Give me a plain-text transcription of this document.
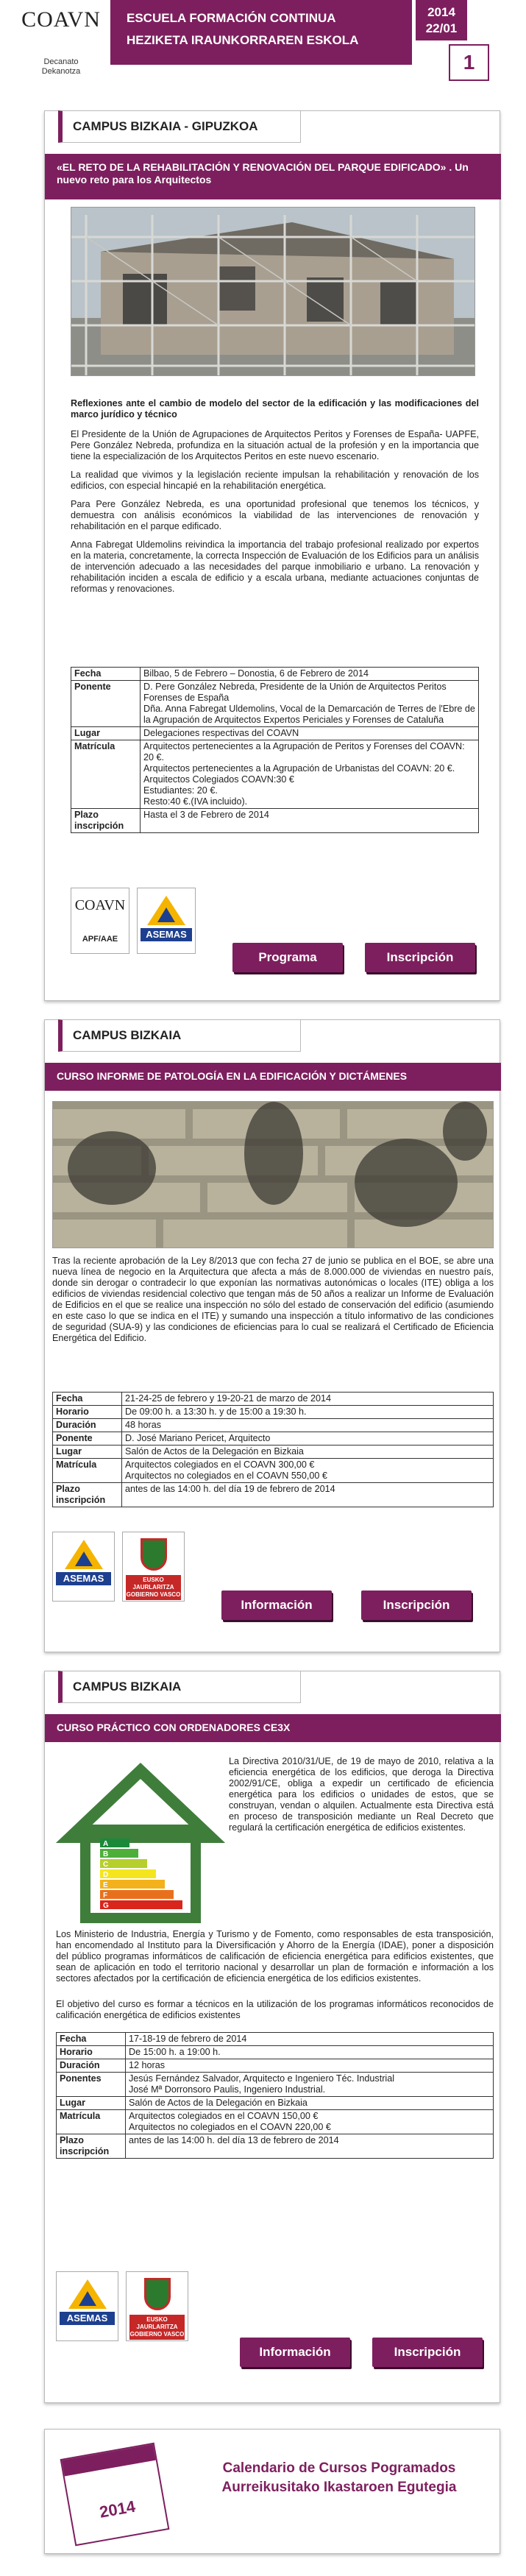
COAVN
Decanato
Dekanotza
ESCUELA FORMACIÓN CONTINUA
HEZIKETA IRAUNKORRAREN ESKOLA
2014
22/01
1
CAMPUS BIZKAIA - GIPUZKOA
«EL RETO DE LA REHABILITACIÓN Y RENOVACIÓN DEL PARQUE EDIFICADO» . Un nuevo reto para los Arquitectos
Reflexiones ante el cambio de modelo del sector de la edificación y las modificaciones del marco jurídico y técnico

El Presidente de la Unión de Agrupaciones de Arquitectos Peritos y Forenses de España- UAPFE, Pere González Nebreda, profundiza en la situación actual de la profesión y en la importancia que tiene la especialización de los Arquitectos Peritos en este nuevo escenario.

La realidad que vivimos y la legislación reciente impulsan la rehabilitación y renovación de los edificios, con especial hincapié en la rehabilitación energética.

Para Pere González Nebreda, es una oportunidad profesional que tenemos los técnicos, y demuestra con análisis económicos la viabilidad de las intervenciones de renovación y rehabilitación en el parque edificado.

Anna Fabregat Uldemolins reivindica la importancia del trabajo profesional realizado por expertos en la materia, concretamente, la correcta Inspección de Evaluación de los Edificios para un análisis de intervención adecuado a las necesidades del parque inmobiliario e urbano. La renovación y rehabilitación inciden a escala de edificio y a escala urbana, mediante actuaciones conjuntas de reformas y renovaciones.

Fecha	Bilbao, 5 de Febrero – Donostia, 6 de Febrero de 2014
Ponente	D. Pere González Nebreda, Presidente de la Unión de Arquitectos Peritos Forenses de España
Dña. Anna Fabregat Uldemolins, Vocal de la Demarcación de Terres de l'Ebre de la Agrupación de Arquitectos Expertos Periciales y Forenses de Cataluña
Lugar	Delegaciones respectivas del COAVN
Matrícula	Arquitectos pertenecientes a la Agrupación de Peritos y Forenses del COAVN: 20 €.
Arquitectos pertenecientes a la Agrupación de Urbanistas del COAVN: 20 €.
Arquitectos Colegiados COAVN:30 €
Estudiantes: 20 €.
Resto:40 €.(IVA incluido).
Plazo inscripción	Hasta el 3 de Febrero de 2014
COAVN
APF/AAE	ASEMAS
Programa	Inscripción
CAMPUS BIZKAIA
CURSO INFORME DE PATOLOGÍA EN LA EDIFICACIÓN Y DICTÁMENES
Tras la reciente aprobación de la Ley 8/2013 que con fecha 27 de junio se publica en el BOE, se abre una nueva línea de negocio en la Arquitectura que afecta a más de 8.000.000 de viviendas en nuestro país, donde sin derogar o contradecir lo que exponían las normativas autonómicas o locales (ITE) obliga a los edificios de viviendas residencial colectivo que tengan más de 50 años a realizar un Informe de Evaluación de Edificios en el que se realice una inspección no sólo del estado de conservación del edificio (asumiendo en este caso lo que se indica en el ITE) y sumando una inspección a título informativo de las condiciones de seguridad (SUA-9) y las condiciones de eficiencias para lo cual se realizará el Certificado de Eficiencia Energética del Edificio.
Fecha	21-24-25 de febrero y 19-20-21 de marzo de 2014
Horario	De 09:00 h. a 13:30 h. y de 15:00 a 19:30 h.
Duración	48 horas
Ponente	D. José Mariano Pericet, Arquitecto
Lugar	Salón de Actos de la Delegación en Bizkaia
Matrícula	Arquitectos colegiados en el COAVN 300,00 €
Arquitectos no colegiados en el COAVN 550,00 €
Plazo inscripción	antes de las 14:00 h. del día 19 de febrero de 2014
ASEMAS	EUSKO JAURLARITZA
GOBIERNO VASCO
Información	Inscripción
CAMPUS BIZKAIA
CURSO PRÁCTICO CON ORDENADORES CE3X
A
B
C
D
E
F
G
La Directiva 2010/31/UE, de 19 de mayo de 2010, relativa a la eficiencia energética de los edificios, que deroga la Directiva 2002/91/CE, obliga a expedir un certificado de eficiencia energética para los edificios o unidades de estos, que se construyan, vendan o alquilen. Actualmente esta Directiva está en proceso de transposición mediante un Real Decreto que regulará la certificación energética de edificios existentes.
Los Ministerio de Industria, Energía y Turismo y de Fomento, como responsables de esta transposición, han encomendado al Instituto para la Diversificación y Ahorro de la Energía (IDAE), poner a disposición del público programas informáticos de calificación de eficiencia energética para edificios existentes, que sean de aplicación en todo el territorio nacional y desarrollar un plan de formación e información a los sectores afectados por la certificación de eficiencia energética de los edificios existentes.
El objetivo del curso es formar a técnicos en la utilización de los programas informáticos reconocidos de calificación energética de edificios existentes
Fecha	17-18-19 de febrero de 2014
Horario	De 15:00 h. a 19:00 h.
Duración	12 horas
Ponentes	Jesús Fernández Salvador, Arquitecto e Ingeniero Téc. Industrial
José Mª Dorronsoro Paulis, Ingeniero Industrial.
Lugar	Salón de Actos de la Delegación en Bizkaia
Matrícula	Arquitectos colegiados en el COAVN 150,00 €
Arquitectos no colegiados en el COAVN 220,00 €
Plazo inscripción	antes de las 14:00 h. del día 13 de febrero de 2014
ASEMAS	EUSKO JAURLARITZA
GOBIERNO VASCO
Información	Inscripción
2014
Calendario de Cursos Pogramados
Aurreikusitako Ikastaroen Egutegia
